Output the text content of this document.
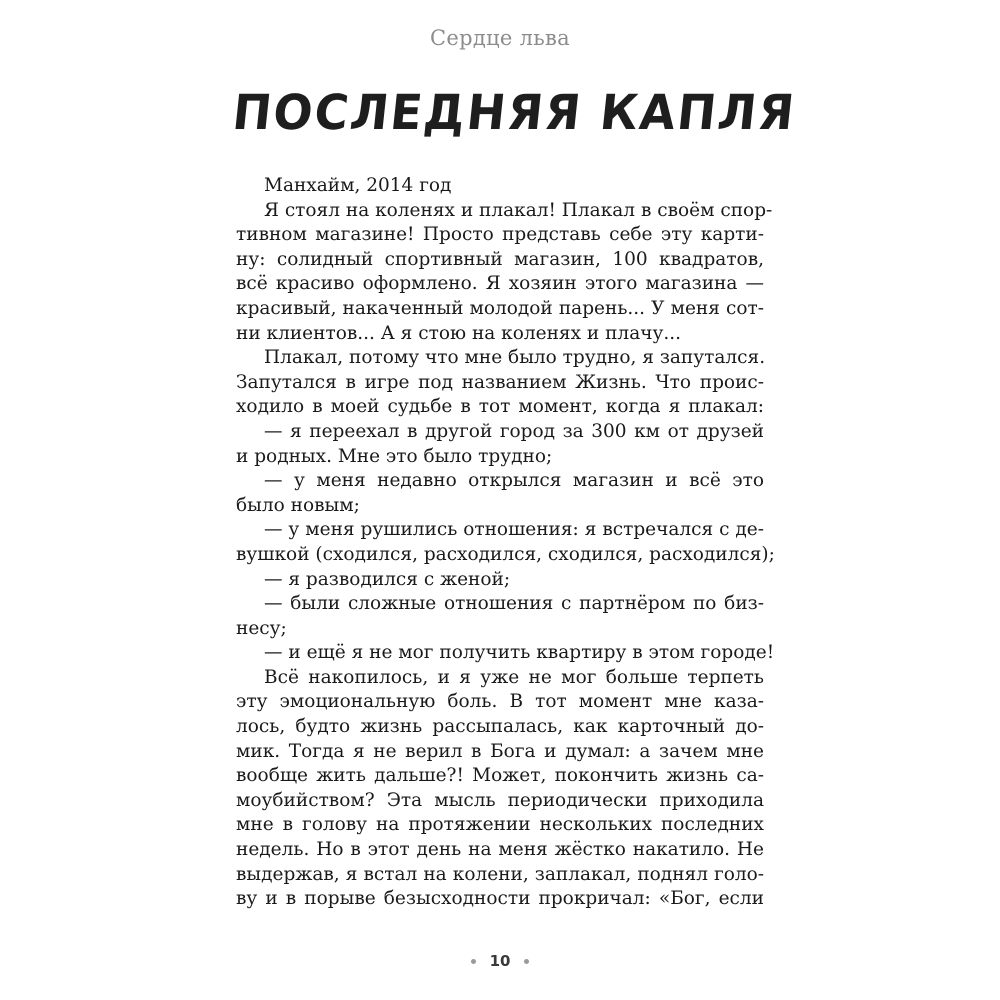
Сердце льва
ПОСЛЕДНЯЯ КАПЛЯ
Манхайм, 2014 год
Я стоял на коленях и плакал! Плакал в своём спор-
тивном магазине! Просто представь себе эту карти-
ну: солидный спортивный магазин, 100 квадратов,
всё красиво оформлено. Я хозяин этого магазина —
красивый, накаченный молодой парень... У меня сот-
ни клиентов... А я стою на коленях и плачу...
Плакал, потому что мне было трудно, я запутался.
Запутался в игре под названием Жизнь. Что проис-
ходило в моей судьбе в тот момент, когда я плакал:
— я переехал в другой город за 300 км от друзей
и родных. Мне это было трудно;
— у меня недавно открылся магазин и всё это
было новым;
— у меня рушились отношения: я встречался с де-
вушкой (сходился, расходился, сходился, расходился);
— я разводился с женой;
— были сложные отношения с партнёром по биз-
несу;
— и ещё я не мог получить квартиру в этом городе!
Всё накопилось, и я уже не мог больше терпеть
эту эмоциональную боль. В тот момент мне каза-
лось, будто жизнь рассыпалась, как карточный до-
мик. Тогда я не верил в Бога и думал: а зачем мне
вообще жить дальше?! Может, покончить жизнь са-
моубийством? Эта мысль периодически приходила
мне в голову на протяжении нескольких последних
недель. Но в этот день на меня жёстко накатило. Не
выдержав, я встал на колени, заплакал, поднял голо-
ву и в порыве безысходности прокричал: «Бог, если
10
